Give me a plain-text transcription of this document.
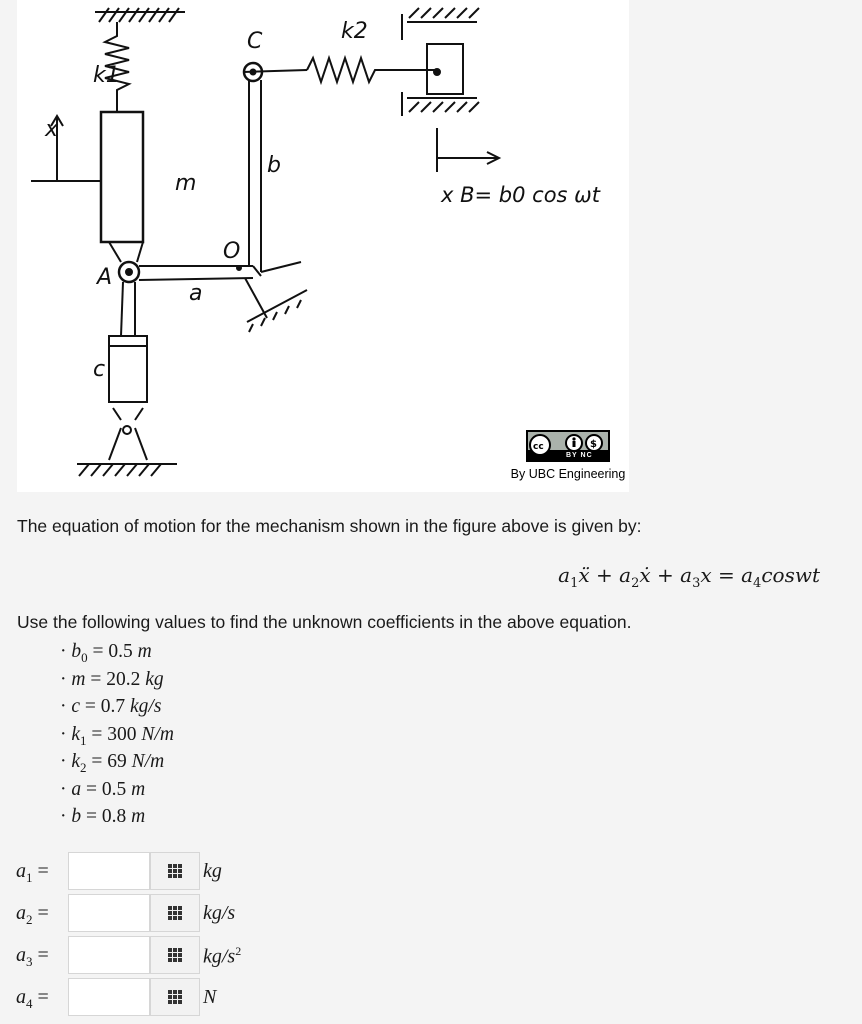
k1
k2
C
m
b
O
A
a
c
x
x B= b0 cos ωt
cc	$
BY NC
By UBC Engineering
The equation of motion for the mechanism shown in the figure above is given by:
$a_1ẍ$ + $a_2ẋ + a_3x$ = $a_4coswt$
Use the following values to find the unknown coefficients in the above equation.
· $b_0 = 0.5$ m
· m = 20.2 kg
· c = 0.7 kg/s
· $k_1 = 300$ N/m
· $k_2 = 69$ N/m
· a = 0.5 m
· b = 0.8 m
$a_1$ =	kg
$a_2$ =	kg/s
$a_3$ =	$kg/s^2$
$a_4$ =	N
